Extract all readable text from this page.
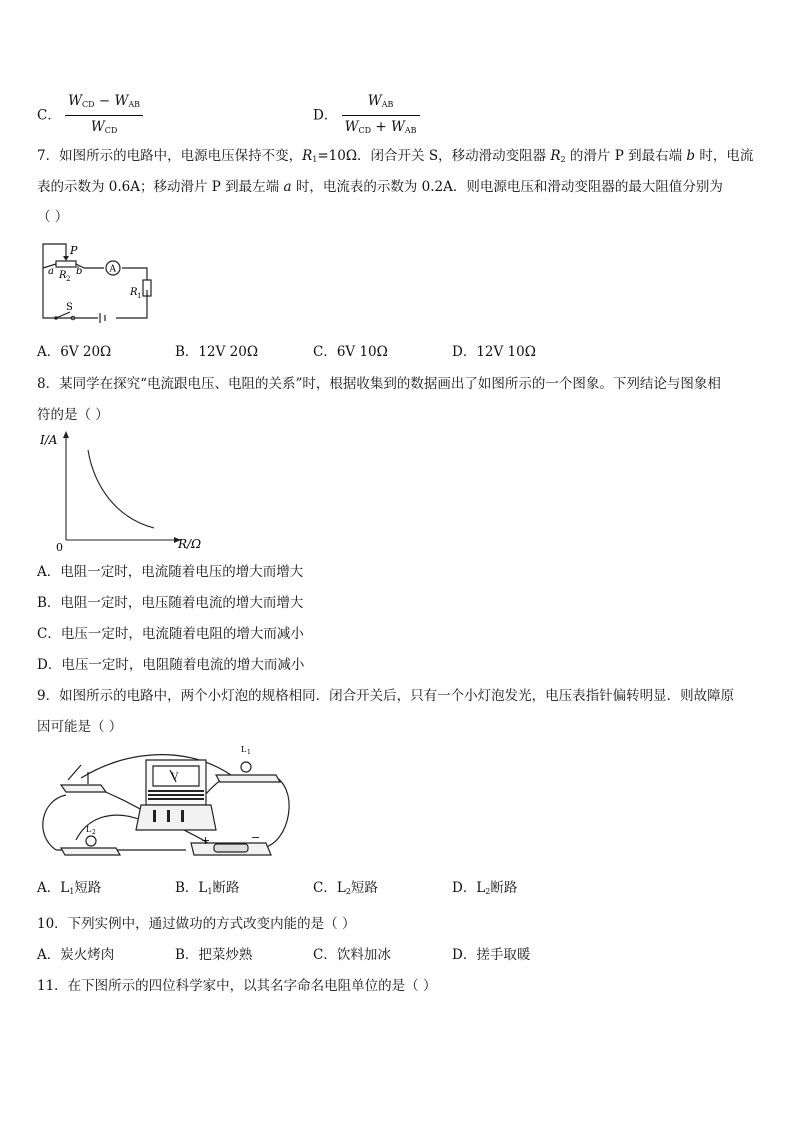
C． $\frac{W_{CD} - W_{AB}}{W_{CD}}$	D． $\frac{W_{AB}}{W_{CD} + W_{AB}}$
7．如图所示的电路中，电源电压保持不变，$R_1=10\Omega$．闭合开关 S，移动滑动变阻器 $R_2$ 的滑片 P 到最右端 b 时，电流
表的示数为 0.6A；移动滑片 P 到最左端 a 时，电流表的示数为 0.2A．则电源电压和滑动变阻器的最大阻值分别为
（ ）
P
a b
R 2
A
R 1
S
A．6V 20Ω	B．12V 20Ω	C．6V 10Ω	D．12V 10Ω
8．某同学在探究“电流跟电压、电阻的关系”时，根据收集到的数据画出了如图所示的一个图象。下列结论与图象相
符的是（ ）
I/A
R/Ω
0
A．电阻一定时，电流随着电压的增大而增大
B．电阻一定时，电压随着电流的增大而增大
C．电压一定时，电流随着电阻的增大而减小
D．电压一定时，电阻随着电流的增大而减小
9．如图所示的电路中，两个小灯泡的规格相同．闭合开关后，只有一个小灯泡发光，电压表指针偏转明显．则故障原
因可能是（ ）
L 1
L 2
V
+	−
A．$L_1$短路	B．$L_1$断路	C．$L_2$短路	D．$L_2$断路
10．下列实例中，通过做功的方式改变内能的是（ ）
A．炭火烤肉	B．把菜炒熟	C．饮料加冰	D．搓手取暖
11．在下图所示的四位科学家中，以其名字命名电阻单位的是（ ）
